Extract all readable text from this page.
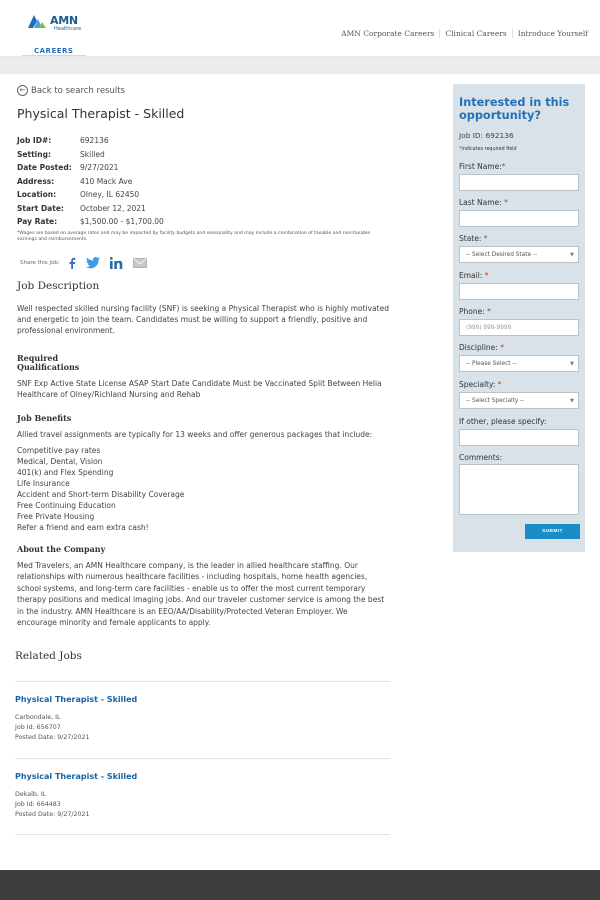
AMN
Healthcare
CAREERS
AMN Corporate Careers	Clinical Careers	Introduce Yourself
← Back to search results
Physical Therapist - Skilled
Job ID#:	692136
Setting:	Skilled
Date Posted:	9/27/2021
Address:	410 Mack Ave
Location:	Olney, IL 62450
Start Date:	October 12, 2021
Pay Rate:	$1,500.00 - $1,700.00

*Wages are based on average rates and may be impacted by facility budgets and seasonality and may include a combination of taxable and non-taxable earnings and reimbursements.

Share this Job:
Job Description

Well respected skilled nursing facility (SNF) is seeking a Physical Therapist who is highly motivated and energetic to join the team. Candidates must be willing to support a friendly, positive and professional environment.

Required
Qualifications

SNF Exp Active State License ASAP Start Date Candidate Must be Vaccinated Split Between Helia Healthcare of Olney/Richland Nursing and Rehab

Job Benefits

Allied travel assignments are typically for 13 weeks and offer generous packages that include:

Competitive pay rates
Medical, Dental, Vision
401(k) and Flex Spending
Life Insurance
Accident and Short-term Disability Coverage
Free Continuing Education
Free Private Housing
Refer a friend and earn extra cash!
About the Company

Med Travelers, an AMN Healthcare company, is the leader in allied healthcare staffing. Our relationships with numerous healthcare facilities - including hospitals, home health agencies, school systems, and long-term care facilities - enable us to offer the most current temporary therapy positions and medical imaging jobs. And our traveler customer service is among the best in the industry. AMN Healthcare is an EEO/AA/Disability/Protected Veteran Employer. We encourage minority and female applicants to apply.

Related Jobs
Physical Therapist - Skilled
Carbondale, IL
Job Id: 656707
Posted Date: 9/27/2021
Physical Therapist - Skilled
Dekalb, IL
Job Id: 664483
Posted Date: 9/27/2021
Interested in this opportunity?
Job ID: 692136
*indicates required field
First Name:*
Last Name: *
State: *
-- Select Desired State --	▼
Email: *
Phone: *
(999) 999-9999
Discipline: *
-- Please Select --	▼
Specialty: *
-- Select Specialty --	▼
If other, please specify:
Comments:
SUBMIT
